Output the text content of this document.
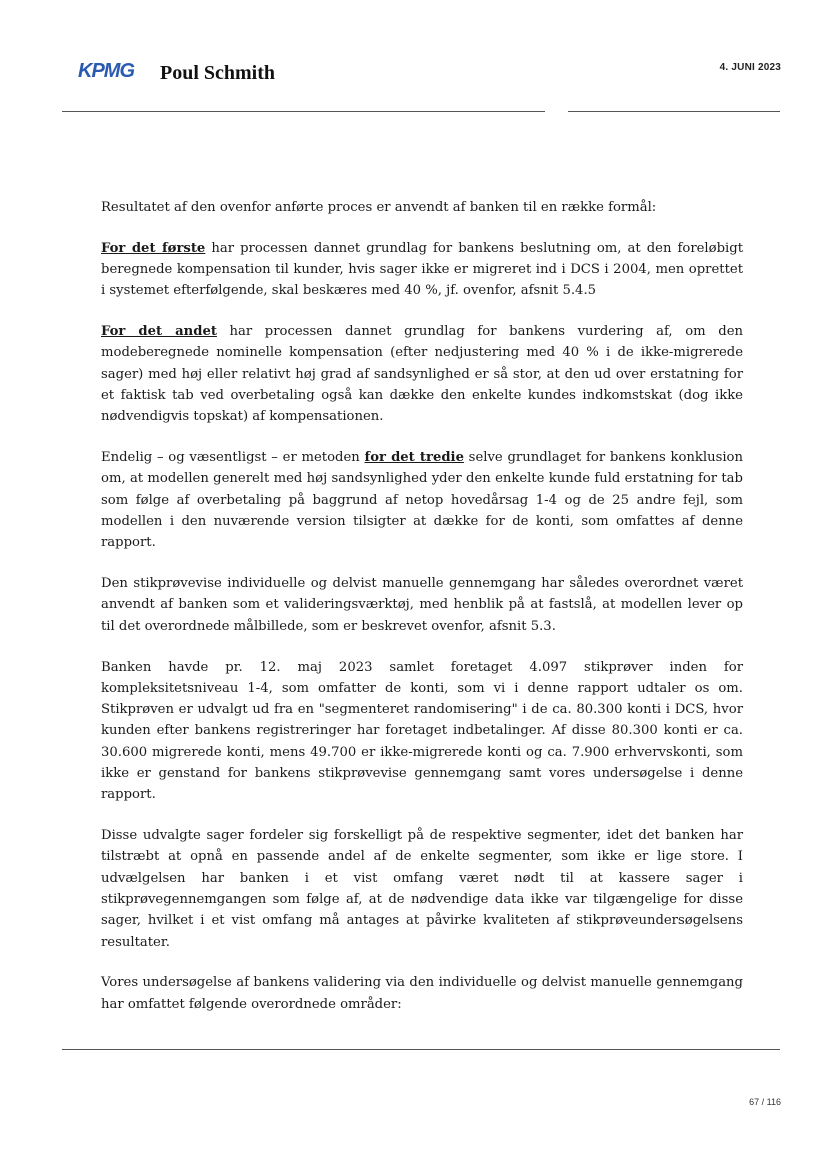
KPMG Poul Schmith	4. JUNI 2023

Resultatet af den ovenfor anførte proces er anvendt af banken til en række formål:

For det første har processen dannet grundlag for bankens beslutning om, at den foreløbigt beregnede kompensation til kunder, hvis sager ikke er migreret ind i DCS i 2004, men oprettet i systemet efterfølgende, skal beskæres med 40 %, jf. ovenfor, afsnit 5.4.5

For det andet har processen dannet grundlag for bankens vurdering af, om den modeberegnede nominelle kompensation (efter nedjustering med 40 % i de ikke-migrerede sager) med høj eller relativt høj grad af sandsynlighed er så stor, at den ud over erstatning for et faktisk tab ved overbetaling også kan dække den enkelte kundes indkomstskat (dog ikke nødvendigvis topskat) af kompensationen.

Endelig – og væsentligst – er metoden for det tredie selve grundlaget for bankens konklusion om, at modellen generelt med høj sandsynlighed yder den enkelte kunde fuld erstatning for tab som følge af overbetaling på baggrund af netop hovedårsag 1-4 og de 25 andre fejl, som modellen i den nuværende version tilsigter at dække for de konti, som omfattes af denne rapport.

Den stikprøvevise individuelle og delvist manuelle gennemgang har således overordnet været anvendt af banken som et valideringsværktøj, med henblik på at fastslå, at modellen lever op til det overordnede målbillede, som er beskrevet ovenfor, afsnit 5.3.

Banken havde pr. 12. maj 2023 samlet foretaget 4.097 stikprøver inden for kompleksitetsniveau 1-4, som omfatter de konti, som vi i denne rapport udtaler os om. Stikprøven er udvalgt ud fra en "segmenteret randomisering" i de ca. 80.300 konti i DCS, hvor kunden efter bankens registreringer har foretaget indbetalinger. Af disse 80.300 konti er ca. 30.600 migrerede konti, mens 49.700 er ikke-migrerede konti og ca. 7.900 erhvervskonti, som ikke er genstand for bankens stikprøvevise gennemgang samt vores undersøgelse i denne rapport.

Disse udvalgte sager fordeler sig forskelligt på de respektive segmenter, idet det banken har tilstræbt at opnå en passende andel af de enkelte segmenter, som ikke er lige store. I udvælgelsen har banken i et vist omfang været nødt til at kassere sager i stikprøvegennemgangen som følge af, at de nødvendige data ikke var tilgængelige for disse sager, hvilket i et vist omfang må antages at påvirke kvaliteten af stikprøveundersøgelsens resultater.

Vores undersøgelse af bankens validering via den individuelle og delvist manuelle gennemgang har omfattet følgende overordnede områder:

67 / 116
